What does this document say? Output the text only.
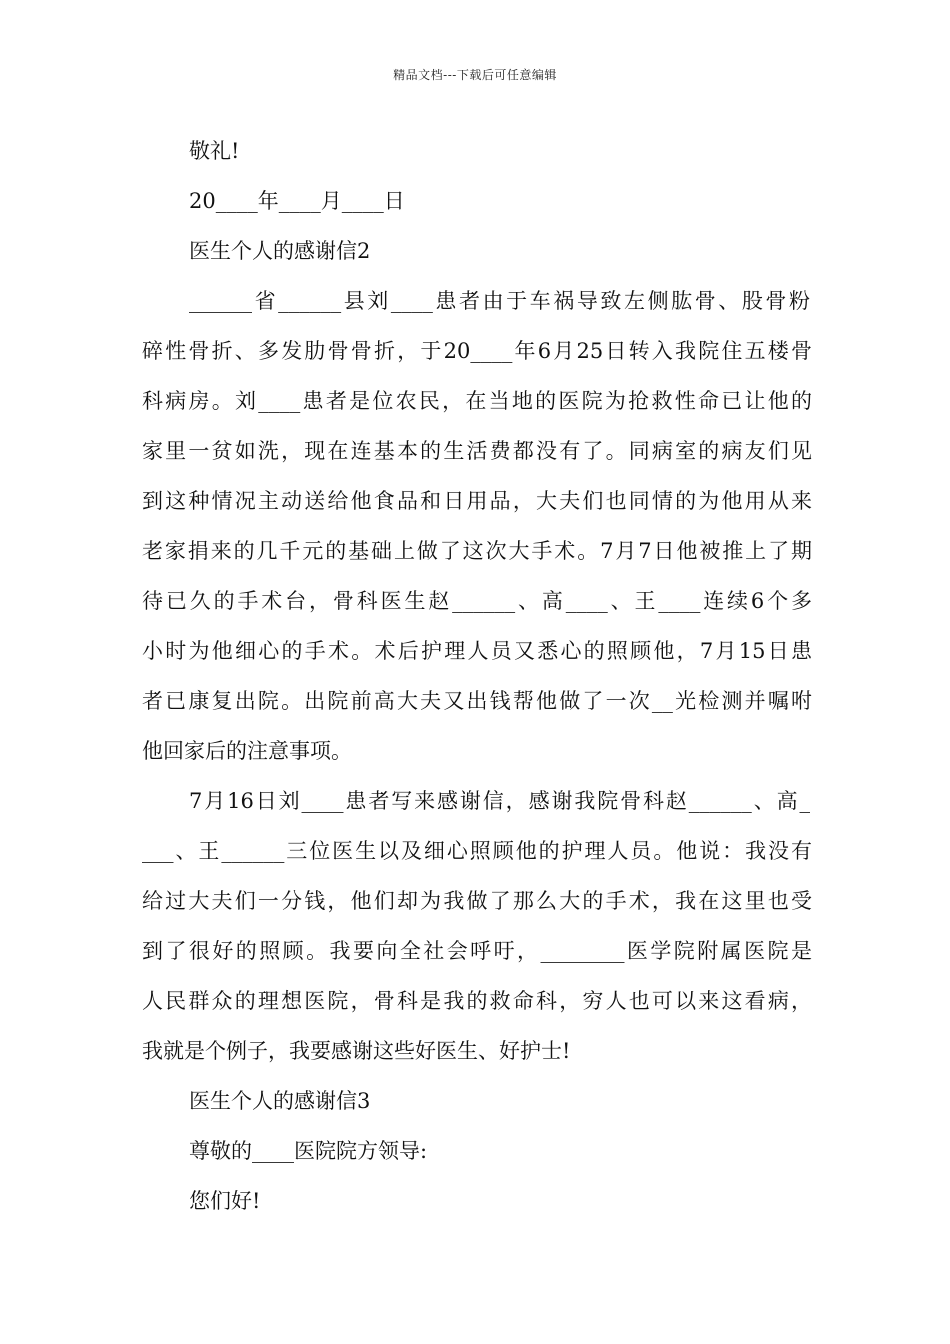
精品文档---下载后可任意编辑
敬礼!
20____年____月____日
医生个人的感谢信2
______省______县刘____患者由于车祸导致左侧肱骨、股骨粉
碎性骨折、多发肋骨骨折，于20____年6月25日转入我院住五楼骨
科病房。刘____患者是位农民，在当地的医院为抢救性命已让他的
家里一贫如洗，现在连基本的生活费都没有了。同病室的病友们见
到这种情况主动送给他食品和日用品，大夫们也同情的为他用从来
老家捐来的几千元的基础上做了这次大手术。7月7日他被推上了期
待已久的手术台，骨科医生赵______、高____、王____连续6个多
小时为他细心的手术。术后护理人员又悉心的照顾他，7月15日患
者已康复出院。出院前高大夫又出钱帮他做了一次__光检测并嘱咐
他回家后的注意事项。
7月16日刘____患者写来感谢信，感谢我院骨科赵______、高_
___、王______三位医生以及细心照顾他的护理人员。他说：我没有
给过大夫们一分钱，他们却为我做了那么大的手术，我在这里也受
到了很好的照顾。我要向全社会呼吁，________医学院附属医院是
人民群众的理想医院，骨科是我的救命科，穷人也可以来这看病，
我就是个例子，我要感谢这些好医生、好护士!
医生个人的感谢信3
尊敬的____医院院方领导:
您们好!
